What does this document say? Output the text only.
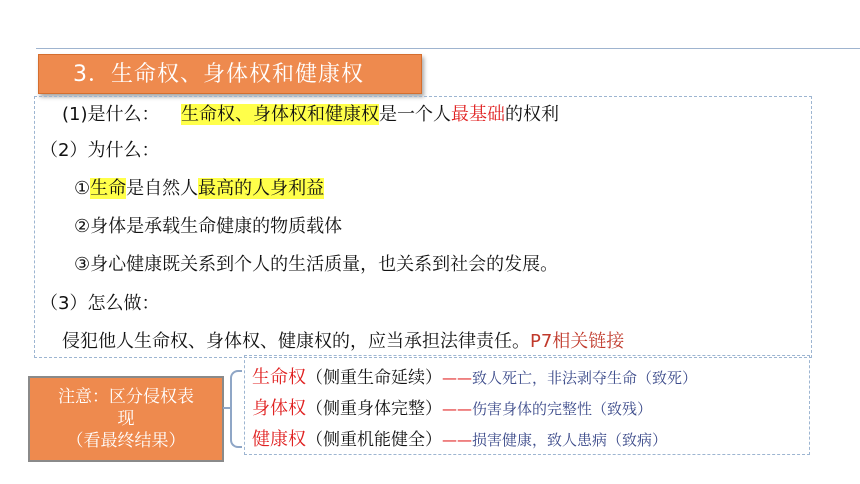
3．生命权、身体权和健康权
(1)是什么： 生命权、身体权和健康权是一个人最基础的权利
（2）为什么：
①生命是自然人最高的人身利益
②身体是承载生命健康的物质载体
③身心健康既关系到个人的生活质量，也关系到社会的发展。
（3）怎么做：
侵犯他人生命权、身体权、健康权的，应当承担法律责任。P7相关链接
注意：区分侵权表
现
（看最终结果）
生命权（侧重生命延续）——致人死亡，非法剥夺生命（致死）
身体权（侧重身体完整）——伤害身体的完整性（致残）
健康权（侧重机能健全）——损害健康，致人患病（致病）
